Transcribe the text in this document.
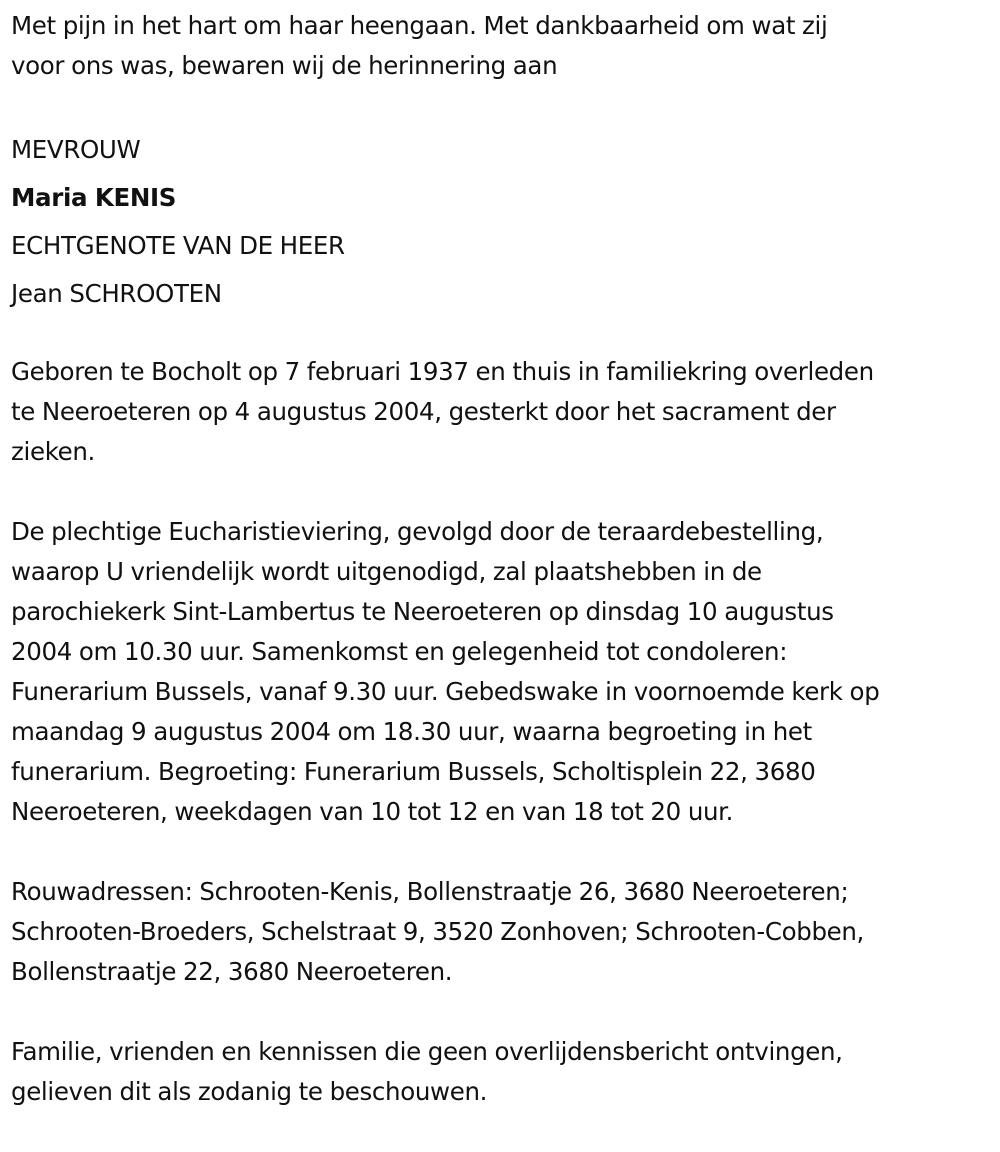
Met pijn in het hart om haar heengaan. Met dankbaarheid om wat zij
voor ons was, bewaren wij de herinnering aan
MEVROUW
Maria KENIS
ECHTGENOTE VAN DE HEER
Jean SCHROOTEN
Geboren te Bocholt op 7 februari 1937 en thuis in familiekring overleden
te Neeroeteren op 4 augustus 2004, gesterkt door het sacrament der
zieken.
De plechtige Eucharistieviering, gevolgd door de teraardebestelling,
waarop U vriendelijk wordt uitgenodigd, zal plaatshebben in de
parochiekerk Sint-Lambertus te Neeroeteren op dinsdag 10 augustus
2004 om 10.30 uur. Samenkomst en gelegenheid tot condoleren:
Funerarium Bussels, vanaf 9.30 uur. Gebedswake in voornoemde kerk op
maandag 9 augustus 2004 om 18.30 uur, waarna begroeting in het
funerarium. Begroeting: Funerarium Bussels, Scholtisplein 22, 3680
Neeroeteren, weekdagen van 10 tot 12 en van 18 tot 20 uur.
Rouwadressen: Schrooten-Kenis, Bollenstraatje 26, 3680 Neeroeteren;
Schrooten-Broeders, Schelstraat 9, 3520 Zonhoven; Schrooten-Cobben,
Bollenstraatje 22, 3680 Neeroeteren.
Familie, vrienden en kennissen die geen overlijdensbericht ontvingen,
gelieven dit als zodanig te beschouwen.
